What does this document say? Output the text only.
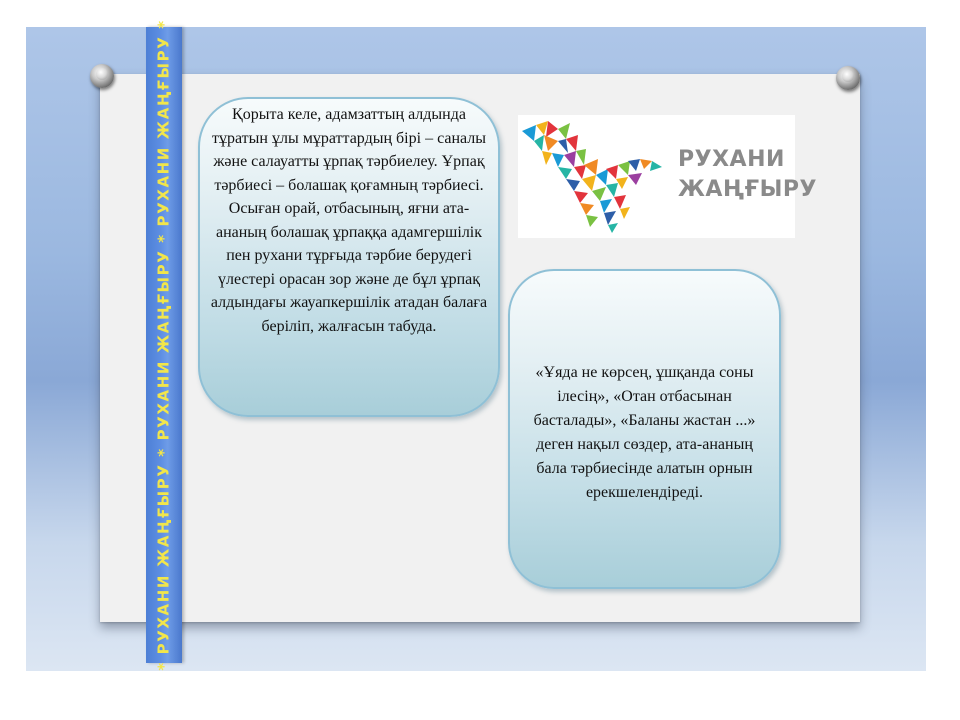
* РУХАНИ ЖАҢҒЫРУ * РУХАНИ ЖАҢҒЫРУ * РУХАНИ ЖАҢҒЫРУ *	Қорыта келе, адамзаттың алдында тұратын ұлы мұраттардың бірі – саналы және салауатты ұрпақ тәрбиелеу. Ұрпақ тәрбиесі – болашақ қоғамның тәрбиесі. Осыған орай, отбасының, яғни ата-ананың болашақ ұрпаққа адамгершілік пен рухани тұрғыда тәрбие берудегі үлестері орасан зор және де бұл ұрпақ алдындағы жауапкершілік атадан балаға беріліп, жалғасын табуда.
РУХАНИ
ЖАҢҒЫРУ
«Ұяда не көрсең, ұшқанда соны ілесің», «Отан отбасынан басталады», «Баланы жастан ...» деген нақыл сөздер, ата-ананың бала тәрбиесінде алатын орнын ерекшелендіреді.
